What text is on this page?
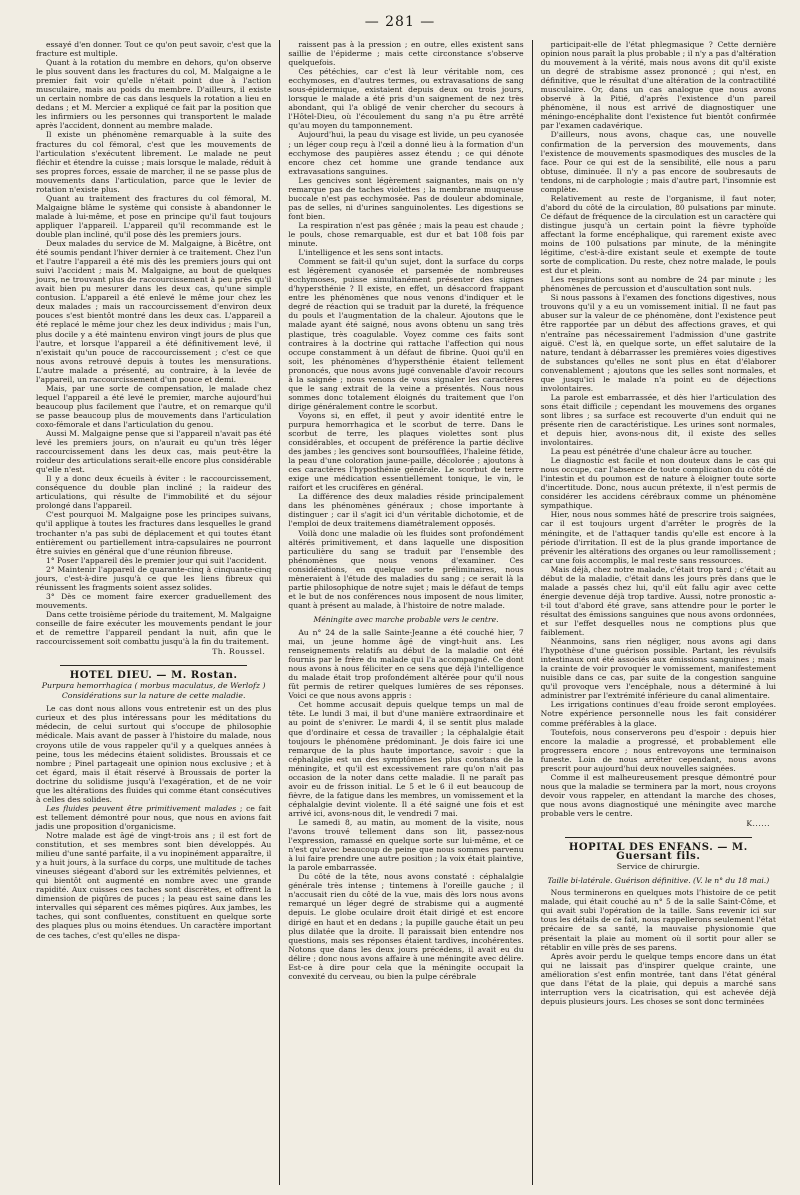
— 281 —

essayé d'en donner. Tout ce qu'on peut savoir, c'est que la fracture est multiple.

Quant à la rotation du membre en dehors, qu'on observe le plus souvent dans les fractures du col, M. Malgaigne a le premier fait voir qu'elle n'était point due à l'action musculaire, mais au poids du membre. D'ailleurs, il existe un certain nombre de cas dans lesquels la rotation a lieu en dedans ; et M. Mercier a expliqué ce fait par la position que les infirmiers ou les personnes qui transportent le malade après l'accident, donnent au membre malade.

Il existe un phénomène remarquable à la suite des fractures du col fémoral, c'est que les mouvements de l'articulation s'exécutent librement. Le malade ne peut fléchir et étendre la cuisse ; mais lorsque le malade, réduit à ses propres forces, essaie de marcher, il ne se passe plus de mouvements dans l'articulation, parce que le levier de rotation n'existe plus.

Quant au traitement des fractures du col fémoral, M. Malgaigne blâme le système qui consiste à abandonner le malade à lui-même, et pose en principe qu'il faut toujours appliquer l'appareil. L'appareil qu'il recommande est le double plan incliné, qu'il pose dès les premiers jours.

Deux malades du service de M. Malgaigne, à Bicêtre, ont été soumis pendant l'hiver dernier à ce traitement. Chez l'un et l'autre l'appareil a été mis dès les premiers jours qui ont suivi l'accident ; mais M. Malgaigne, au bout de quelques jours, ne trouvant plus de raccourcissement à peu près qu'il avait bien pu mesurer dans les deux cas, qu'une simple contusion. L'appareil a été enlevé le même jour chez les deux malades ; mais un raccourcissement d'environ deux pouces s'est bientôt montré dans les deux cas. L'appareil a été replacé le même jour chez les deux individus ; mais l'un, plus docile y a été maintenu environ vingt jours de plus que l'autre, et lorsque l'appareil a été définitivement levé, il n'existait qu'un pouce de raccourcissement ; c'est ce que nous avons retrouvé depuis à toutes les mensurations. L'autre malade a présenté, au contraire, à la levée de l'appareil, un raccourcissement d'un pouce et demi.

Mais, par une sorte de compensation, le malade chez lequel l'appareil a été levé le premier, marche aujourd'hui beaucoup plus facilement que l'autre, et on remarque qu'il se passe beaucoup plus de mouvements dans l'articulation coxo-fémorale et dans l'articulation du genou.

Aussi M. Malgaigne pense que si l'appareil n'avait pas été levé les premiers jours, on n'aurait eu qu'un très léger raccourcissement dans les deux cas, mais peut-être la roideur des articulations serait-elle encore plus considérable qu'elle n'est.

Il y a donc deux écueils à éviter : le raccourcissement, conséquence du double plan incliné ; la raideur des articulations, qui résulte de l'immobilité et du séjour prolongé dans l'appareil.

C'est pourquoi M. Malgaigne pose les principes suivans, qu'il applique à toutes les fractures dans lesquelles le grand trochanter n'a pas subi de déplacement et qui toutes étant entièrement ou partiellement intra-capsulaires ne pourront être suivies en général que d'une réunion fibreuse.

1° Poser l'appareil dès le premier jour qui suit l'accident.

2° Maintenir l'appareil de quarante-cinq à cinquante-cinq jours, c'est-à-dire jusqu'à ce que les liens fibreux qui réunissent les fragments soient assez solides.

3° Dès ce moment faire exercer graduellement des mouvements.

Dans cette troisième période du traitement, M. Malgaigne conseille de faire exécuter les mouvements pendant le jour et de remettre l'appareil pendant la nuit, afin que le raccourcissement soit combattu jusqu'à la fin du traitement.

Th. Roussel.
HOTEL DIEU. — M. Rostan.
Purpura hemorrhagica ( morbus maculatus, de Werlofz )
Considérations sur la nature de cette maladie.

Le cas dont nous allons vous entretenir est un des plus curieux et des plus intéressans pour les méditations du médecin, de celui surtout qui s'occupe de philosophie médicale. Mais avant de passer à l'histoire du malade, nous croyons utile de vous rappeler qu'il y a quelques années à peine, tous les médecins étaient solidistes. Broussais et ce nombre ; Pinel partageait une opinion nous exclusive ; et à cet égard, mais il était réservé à Broussais de porter la doctrine du solidisme jusqu'à l'exagération, et de ne voir que les altérations des fluides qui comme étant consécutives à celles des solides.

Les fluides peuvent être primitivement malades ; ce fait est tellement démontré pour nous, que nous en avions fait jadis une proposition d'organicisme.

Notre malade est âgé de vingt-trois ans ; il est fort de constitution, et ses membres sont bien développés. Au milieu d'une santé parfaite, il a vu inopinément apparaître, il y a huit jours, à la surface du corps, une multitude de taches vineuses siégeant d'abord sur les extrémités pelviennes, et qui bientôt ont augmenté en nombre avec une grande rapidité. Aux cuisses ces taches sont discrètes, et offrent la dimension de piqûres de puces ; la peau est saine dans les intervalles qui séparent ces mêmes piqûres. Aux jambes, les taches, qui sont confluentes, constituent en quelque sorte des plaques plus ou moins étendues. Un caractère important de ces taches, c'est qu'elles ne dispa-

raissent pas à la pression ; en outre, elles existent sans saillie de l'épiderme ; mais cette circonstance s'observe quelquefois.

Ces pétéchies, car c'est là leur véritable nom, ces ecchymoses, en d'autres termes, ou extravasations de sang sous-épidermique, existaient depuis deux ou trois jours, lorsque le malade a été pris d'un saignement de nez très abondant, qui l'a obligé de venir chercher du secours à l'Hôtel-Dieu, où l'écoulement du sang n'a pu être arrêté qu'au moyen du tamponnement.

Aujourd'hui, la peau du visage est livide, un peu cyanosée ; un léger coup reçu à l'œil a donné lieu à la formation d'un ecchymose des paupières assez étendu ; ce qui dénote encore chez cet homme une grande tendance aux extravasations sanguines.

Les gencives sont légèrement saignantes, mais on n'y remarque pas de taches violettes ; la membrane muqueuse buccale n'est pas ecchymosée. Pas de douleur abdominale, pas de selles, ni d'urines sanguinolentes. Les digestions se font bien.

La respiration n'est pas gênée ; mais la peau est chaude ; le pouls, chose remarquable, est dur et bat 108 fois par minute.

L'intelligence et les sens sont intacts.

Comment se fait-il qu'un sujet, dont la surface du corps est légèrement cyanosée et parsemée de nombreuses ecchymoses, puisse simultanément présenter des signes d'hypersthénie ? Il existe, en effet, un désaccord frappant entre les phénomènes que nous venons d'indiquer et le degré de réaction qui se traduit par la dureté, la fréquence du pouls et l'augmentation de la chaleur. Ajoutons que le malade ayant été saigné, nous avons obtenu un sang très plastique, très coagulable. Voyez comme ces faits sont contraires à la doctrine qui rattache l'affection qui nous occupe constamment à un défaut de fibrine. Quoi qu'il en soit, les phénomènes d'hypersthénie étaient tellement prononcés, que nous avons jugé convenable d'avoir recours à la saignée ; nous venons de vous signaler les caractères que le sang extrait de la veine a présentés. Nous nous sommes donc totalement éloignés du traitement que l'on dirige généralement contre le scorbut.

Voyons si, en effet, il peut y avoir identité entre le purpura hemorrhagica et le scorbut de terre. Dans le scorbut de terre, les plaques violettes sont plus considérables, et occupent de préférence la partie déclive des jambes ; les gencives sont boursoufflées, l'haleine fétide, la peau d'une coloration jaune-paille, décolorée ; ajoutons à ces caractères l'hyposthénie générale. Le scorbut de terre exige une médication essentiellement tonique, le vin, le raifort et les crucifères en général.

La différence des deux maladies réside principalement dans les phénomènes généraux ; chose importante à distinguer ; car il s'agit ici d'un véritable dichotomie, et de l'emploi de deux traitemens diamétralement opposés.

Voilà donc une maladie où les fluides sont profondément altérés primitivement, et dans laquelle une disposition particulière du sang se traduit par l'ensemble des phénomènes que nous venons d'examiner. Ces considérations, en quelque sorte préliminaires, nous mèneraient à l'étude des maladies du sang ; ce serait là la partie philosophique de notre sujet ; mais le défaut de temps et le but de nos conférences nous imposent de nous limiter, quant à présent au malade, à l'histoire de notre malade.

Méningite avec marche probable vers le centre.

Au n° 24 de la salle Sainte-Jeanne a été couché hier, 7 mai, un jeune homme âgé de vingt-huit ans. Les renseignements relatifs au début de la maladie ont été fournis par le frère du malade qui l'a accompagné. Ce dont nous avons à nous féliciter en ce sens que déjà l'intelligence du malade était trop profondément altérée pour qu'il nous fût permis de retirer quelques lumières de ses réponses. Voici ce que nous avons appris :

Cet homme accusait depuis quelque temps un mal de tête. Le lundi 3 mai, il but d'une manière extraordinaire et au point de s'enivrer. Le mardi 4, il se sentit plus malade que d'ordinaire et cessa de travailler ; la céphalalgie était toujours le phénomène prédominant. Je dois faire ici une remarque de la plus haute importance, savoir : que la céphalalgie est un des symptômes les plus constans de la méningite, et qu'il est excessivement rare qu'on n'ait pas occasion de la noter dans cette maladie. Il ne paraît pas avoir eu de frisson initial. Le 5 et le 6 il eut beaucoup de fièvre, de la fatigue dans les membres, un vomissement et la céphalalgie devint violente. Il a été saigné une fois et est arrivé ici, avons-nous dit, le vendredi 7 mai.

Le samedi 8, au matin, au moment de la visite, nous l'avons trouvé tellement dans son lit, passez-nous l'expression, ramassé en quelque sorte sur lui-même, et ce n'est qu'avec beaucoup de peine que nous sommes parvenu à lui faire prendre une autre position ; la voix était plaintive, la parole embarrassée.

Du côté de la tête, nous avons constaté : céphalalgie générale très intense ; tintemens à l'oreille gauche ; il n'accusait rien du côté de la vue, mais dès lors nous avons remarqué un léger degré de strabisme qui a augmenté depuis. Le globe oculaire droit était dirigé et est encore dirigé en haut et en dedans ; la pupille gauche était un peu plus dilatée que la droite. Il paraissait bien entendre nos questions, mais ses réponses étaient tardives, incohérentes. Notons que dans les deux jours précédens, il avait eu du délire ; donc nous avons affaire à une méningite avec délire. Est-ce à dire pour cela que la méningite occupait la convexité du cerveau, ou bien la pulpe cérébrale

participait-elle de l'état phlegmasique ? Cette dernière opinion nous paraît la plus probable ; il n'y a pas d'altération du mouvement à la vérité, mais nous avons dit qu'il existe un degré de strabisme assez prononcé ; qui n'est, en définitive, que le résultat d'une altération de la contractilité musculaire. Or, dans un cas analogue que nous avons observé à la Pitié, d'après l'existence d'un pareil phénomène, il nous est arrivé de diagnostiquer une méningo-encéphalite dont l'existence fut bientôt confirmée par l'examen cadavérique.

D'ailleurs, nous avons, chaque cas, une nouvelle confirmation de la perversion des mouvements, dans l'existence de mouvements spasmodiques des muscles de la face. Pour ce qui est de la sensibilité, elle nous a paru obtuse, diminuée. Il n'y a pas encore de soubresauts de tendons, ni de carphologie ; mais d'autre part, l'insomnie est complète.

Relativement au reste de l'organisme, il faut noter, d'abord du côté de la circulation, 80 pulsations par minute. Ce défaut de fréquence de la circulation est un caractère qui distingue jusqu'à un certain point la fièvre typhoïde affectant la forme encéphalique, qui rarement existe avec moins de 100 pulsations par minute, de la méningite légitime, c'est-à-dire existant seule et exempte de toute sorte de complication. Du reste, chez notre malade, le pouls est dur et plein.

Les respirations sont au nombre de 24 par minute ; les phénomènes de percussion et d'auscultation sont nuls.

Si nous passons à l'examen des fonctions digestives, nous trouvons qu'il y a eu un vomissement initial. Il ne faut pas abuser sur la valeur de ce phénomène, dont l'existence peut être rapportée par un début des affections graves, et qui n'entraîne pas nécessairement l'admission d'une gastrite aiguë. C'est là, en quelque sorte, un effet salutaire de la nature, tendant à débarrasser les premières voies digestives de substances qu'elles ne sont plus en état d'élaborer convenablement ; ajoutons que les selles sont normales, et que jusqu'ici le malade n'a point eu de déjections involontaires.

La parole est embarrassée, et dès hier l'articulation des sons était difficile ; cependant les mouvemens des organes sont libres ; sa surface est recouverte d'un enduit qui ne présente rien de caractéristique. Les urines sont normales, et depuis hier, avons-nous dit, il existe des selles involontaires.

La peau est pénétrée d'une chaleur âcre au toucher.

Le diagnostic est facile et non douteux dans le cas qui nous occupe, car l'absence de toute complication du côté de l'intestin et du poumon est de nature à éloigner toute sorte d'incertitude. Donc, nous aucun prétexte, il n'est permis de considérer les accidens cérébraux comme un phénomène sympathique.

Hier, nous nous sommes hâté de prescrire trois saignées, car il est toujours urgent d'arrêter le progrès de la méningite, et de l'attaquer tandis qu'elle est encore à la période d'irritation. Il est de la plus grande importance de prévenir les altérations des organes ou leur ramollissement ; car une fois accomplis, le mal reste sans ressources.

Mais déjà, chez notre malade, c'était trop tard ; c'était au début de la maladie, c'était dans les jours près dans que le malade a passés chez lui, qu'il eût fallu agir avec cette énergie devenue déjà trop tardive. Aussi, notre pronostic a-t-il tout d'abord été grave, sans attendre pour le porter le résultat des émissions sanguines que nous avons ordonnées, et sur l'effet desquelles nous ne comptions plus que faiblement.

Néanmoins, sans rien négliger, nous avons agi dans l'hypothèse d'une guérison possible. Partant, les révulsifs intestinaux ont été associés aux émissions sanguines ; mais la crainte de voir provoquer le vomissement, manifestement nuisible dans ce cas, par suite de la congestion sanguine qu'il provoque vers l'encéphale, nous a déterminé à lui administrer par l'extrémité inférieure du canal alimentaire.

Les irrigations continues d'eau froide seront employées. Notre expérience personnelle nous les fait considérer comme préférables à la glace.

Toutefois, nous conserverons peu d'espoir : depuis hier encore la maladie a progressé, et probablement elle progressera encore ; nous entrevoyons une terminaison funeste. Loin de nous arrêter cependant, nous avons prescrit pour aujourd'hui deux nouvelles saignées.

Comme il est malheureusement presque démontré pour nous que la maladie se terminera par la mort, nous croyons devoir vous rappeler, en attendant la marche des choses, que nous avons diagnostiqué une méningite avec marche probable vers le centre.

K......
HOPITAL DES ENFANS. — M. Guersant fils.
Service de chirurgie.

Taille bi-latérale. Guérison définitive. (V. le n° du 18 mai.)

Nous terminerons en quelques mots l'histoire de ce petit malade, qui était couché au n° 5 de la salle Saint-Côme, et qui avait subi l'opération de la taille. Sans revenir ici sur tous les détails de ce fait, nous rappellerons seulement l'état précaire de sa santé, la mauvaise physionomie que présentait la plaie au moment où il sortit pour aller se rétablir en ville près de ses parens.

Après avoir perdu le quelque temps encore dans un état qui ne laissait pas d'inspirer quelque crainte, une amélioration s'est enfin montrée, tant dans l'état général que dans l'état de la plaie, qui depuis a marché sans interruption vers la cicatrisation, qui est achevée déjà depuis plusieurs jours. Les choses se sont donc terminées
